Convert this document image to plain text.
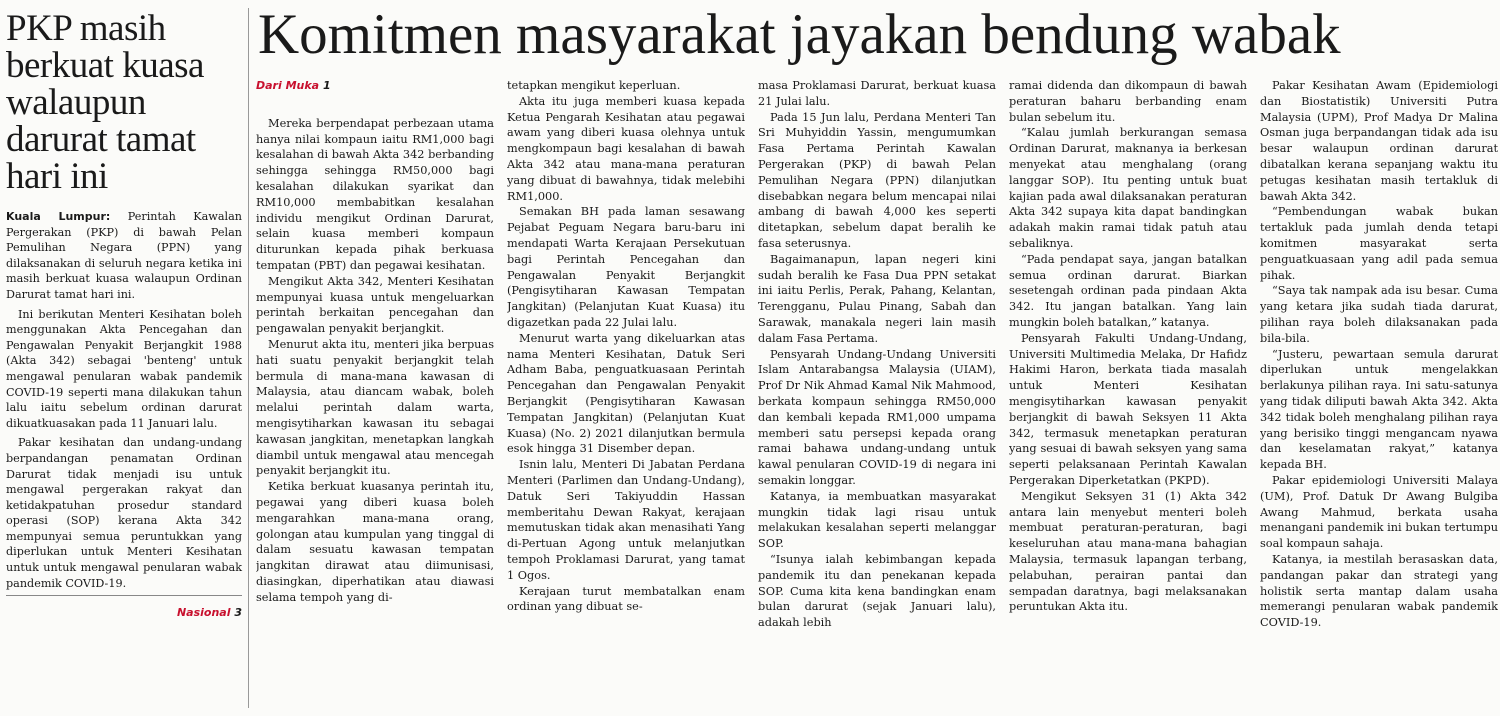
PKP masih berkuat kuasa walaupun darurat tamat hari ini

Kuala Lumpur: Perintah Kawalan Pergerakan (PKP) di bawah Pelan Pemulihan Negara (PPN) yang dilaksanakan di seluruh negara ketika ini masih berkuat kuasa walaupun Ordinan Darurat tamat hari ini.

Ini berikutan Menteri Kesihatan boleh menggunakan Akta Pencegahan dan Pengawalan Penyakit Berjangkit 1988 (Akta 342) sebagai 'benteng' untuk mengawal penularan wabak pandemik COVID-19 seperti mana dilakukan tahun lalu iaitu sebelum ordinan darurat dikuatkuasakan pada 11 Januari lalu.

Pakar kesihatan dan undang-undang berpandangan penamatan Ordinan Darurat tidak menjadi isu untuk mengawal pergerakan rakyat dan ketidakpatuhan prosedur standard operasi (SOP) kerana Akta 342 mempunyai semua peruntukkan yang diperlukan untuk Menteri Kesihatan untuk untuk mengawal penularan wabak pandemik COVID-19.

Nasional 3
Komitmen masyarakat jayakan bendung wabak
Dari Muka 1

Mereka berpendapat perbezaan utama hanya nilai kompaun iaitu RM1,000 bagi kesalahan di bawah Akta 342 berbanding sehingga sehingga RM50,000 bagi kesalahan dilakukan syarikat dan RM10,000 membabitkan kesalahan individu mengikut Ordinan Darurat, selain kuasa memberi kompaun diturunkan kepada pihak berkuasa tempatan (PBT) dan pegawai kesihatan.

Mengikut Akta 342, Menteri Kesihatan mempunyai kuasa untuk mengeluarkan perintah berkaitan pencegahan dan pengawalan penyakit berjangkit.

Menurut akta itu, menteri jika berpuas hati suatu penyakit berjangkit telah bermula di mana-mana kawasan di Malaysia, atau diancam wabak, boleh melalui perintah dalam warta, mengisytiharkan kawasan itu sebagai kawasan jangkitan, menetapkan langkah diambil untuk mengawal atau mencegah penyakit berjangkit itu.

Ketika berkuat kuasanya perintah itu, pegawai yang diberi kuasa boleh mengarahkan mana-mana orang, golongan atau kumpulan yang tinggal di dalam sesuatu kawasan tempatan jangkitan dirawat atau diimunisasi, diasingkan, diperhatikan atau diawasi selama tempoh yang di-

tetapkan mengikut keperluan.

Akta itu juga memberi kuasa kepada Ketua Pengarah Kesihatan atau pegawai awam yang diberi kuasa olehnya untuk mengkompaun bagi kesalahan di bawah Akta 342 atau mana-mana peraturan yang dibuat di bawahnya, tidak melebihi RM1,000.

Semakan BH pada laman sesawang Pejabat Peguam Negara baru-baru ini mendapati Warta Kerajaan Persekutuan bagi Perintah Pencegahan dan Pengawalan Penyakit Berjangkit (Pengisytiharan Kawasan Tempatan Jangkitan) (Pelanjutan Kuat Kuasa) itu digazetkan pada 22 Julai lalu.

Menurut warta yang dikeluarkan atas nama Menteri Kesihatan, Datuk Seri Adham Baba, penguatkuasaan Perintah Pencegahan dan Pengawalan Penyakit Berjangkit (Pengisytiharan Kawasan Tempatan Jangkitan) (Pelanjutan Kuat Kuasa) (No. 2) 2021 dilanjutkan bermula esok hingga 31 Disember depan.

Isnin lalu, Menteri Di Jabatan Perdana Menteri (Parlimen dan Undang-Undang), Datuk Seri Takiyuddin Hassan memberitahu Dewan Rakyat, kerajaan memutuskan tidak akan menasihati Yang di-Pertuan Agong untuk melanjutkan tempoh Proklamasi Darurat, yang tamat 1 Ogos.

Kerajaan turut membatalkan enam ordinan yang dibuat se-

masa Proklamasi Darurat, berkuat kuasa 21 Julai lalu.

Pada 15 Jun lalu, Perdana Menteri Tan Sri Muhyiddin Yassin, mengumumkan Fasa Pertama Perintah Kawalan Pergerakan (PKP) di bawah Pelan Pemulihan Negara (PPN) dilanjutkan disebabkan negara belum mencapai nilai ambang di bawah 4,000 kes seperti ditetapkan, sebelum dapat beralih ke fasa seterusnya.

Bagaimanapun, lapan negeri kini sudah beralih ke Fasa Dua PPN setakat ini iaitu Perlis, Perak, Pahang, Kelantan, Terengganu, Pulau Pinang, Sabah dan Sarawak, manakala negeri lain masih dalam Fasa Pertama.

Pensyarah Undang-Undang Universiti Islam Antarabangsa Malaysia (UIAM), Prof Dr Nik Ahmad Kamal Nik Mahmood, berkata kompaun sehingga RM50,000 dan kembali kepada RM1,000 umpama memberi satu persepsi kepada orang ramai bahawa undang-undang untuk kawal penularan COVID-19 di negara ini semakin longgar.

Katanya, ia membuatkan masyarakat mungkin tidak lagi risau untuk melakukan kesalahan seperti melanggar SOP.

“Isunya ialah kebimbangan kepada pandemik itu dan penekanan kepada SOP. Cuma kita kena bandingkan enam bulan darurat (sejak Januari lalu), adakah lebih

ramai didenda dan dikompaun di bawah peraturan baharu berbanding enam bulan sebelum itu.

“Kalau jumlah berkurangan semasa Ordinan Darurat, maknanya ia berkesan menyekat atau menghalang (orang langgar SOP). Itu penting untuk buat kajian pada awal dilaksanakan peraturan Akta 342 supaya kita dapat bandingkan adakah makin ramai tidak patuh atau sebaliknya.

“Pada pendapat saya, jangan batalkan semua ordinan darurat. Biarkan sesetengah ordinan pada pindaan Akta 342. Itu jangan batalkan. Yang lain mungkin boleh batalkan,” katanya.

Pensyarah Fakulti Undang-Undang, Universiti Multimedia Melaka, Dr Hafidz Hakimi Haron, berkata tiada masalah untuk Menteri Kesihatan mengisytiharkan kawasan penyakit berjangkit di bawah Seksyen 11 Akta 342, termasuk menetapkan peraturan yang sesuai di bawah seksyen yang sama seperti pelaksanaan Perintah Kawalan Pergerakan Diperketatkan (PKPD).

Mengikut Seksyen 31 (1) Akta 342 antara lain menyebut menteri boleh membuat peraturan-peraturan, bagi keseluruhan atau mana-mana bahagian Malaysia, termasuk lapangan terbang, pelabuhan, perairan pantai dan sempadan daratnya, bagi melaksanakan peruntukan Akta itu.

Pakar Kesihatan Awam (Epidemiologi dan Biostatistik) Universiti Putra Malaysia (UPM), Prof Madya Dr Malina Osman juga berpandangan tidak ada isu besar walaupun ordinan darurat dibatalkan kerana sepanjang waktu itu petugas kesihatan masih tertakluk di bawah Akta 342.

“Pembendungan wabak bukan tertakluk pada jumlah denda tetapi komitmen masyarakat serta penguatkuasaan yang adil pada semua pihak.

“Saya tak nampak ada isu besar. Cuma yang ketara jika sudah tiada darurat, pilihan raya boleh dilaksanakan pada bila-bila.

“Justeru, pewartaan semula darurat diperlukan untuk mengelakkan berlakunya pilihan raya. Ini satu-satunya yang tidak diliputi bawah Akta 342. Akta 342 tidak boleh menghalang pilihan raya yang berisiko tinggi mengancam nyawa dan keselamatan rakyat,” katanya kepada BH.

Pakar epidemiologi Universiti Malaya (UM), Prof. Datuk Dr Awang Bulgiba Awang Mahmud, berkata usaha menangani pandemik ini bukan tertumpu soal kompaun sahaja.

Katanya, ia mestilah berasaskan data, pandangan pakar dan strategi yang holistik serta mantap dalam usaha memerangi penularan wabak pandemik COVID-19.
